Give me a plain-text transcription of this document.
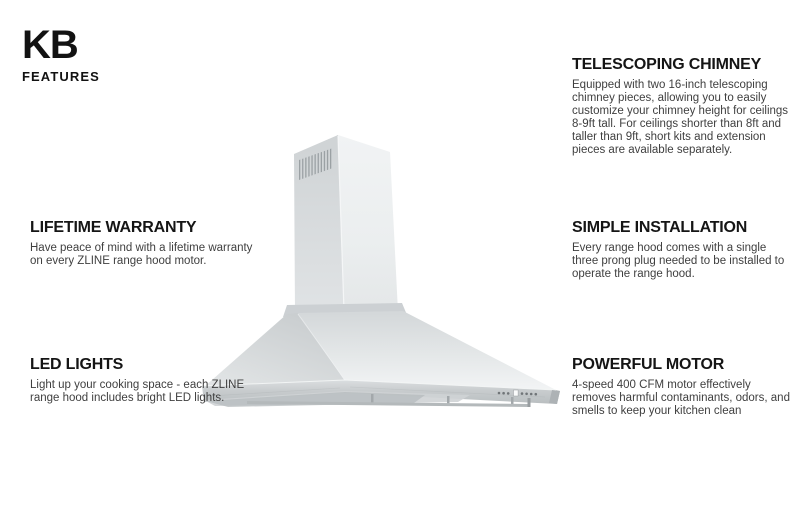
KB
FEATURES
LIFETIME WARRANTY

Have peace of mind with a lifetime warranty on every ZLINE range hood motor.

LED LIGHTS

Light up your cooking space - each ZLINE range hood includes bright LED lights.

TELESCOPING CHIMNEY

Equipped with two 16-inch telescoping chimney pieces, allowing you to easily customize your chimney height for ceilings 8-9ft tall. For ceilings shorter than 8ft and taller than 9ft, short kits and extension pieces are available separately.

SIMPLE INSTALLATION

Every range hood comes with a single three prong plug needed to be installed to operate the range hood.

POWERFUL MOTOR

4-speed 400 CFM motor effectively removes harmful contaminants, odors, and smells to keep your kitchen clean
